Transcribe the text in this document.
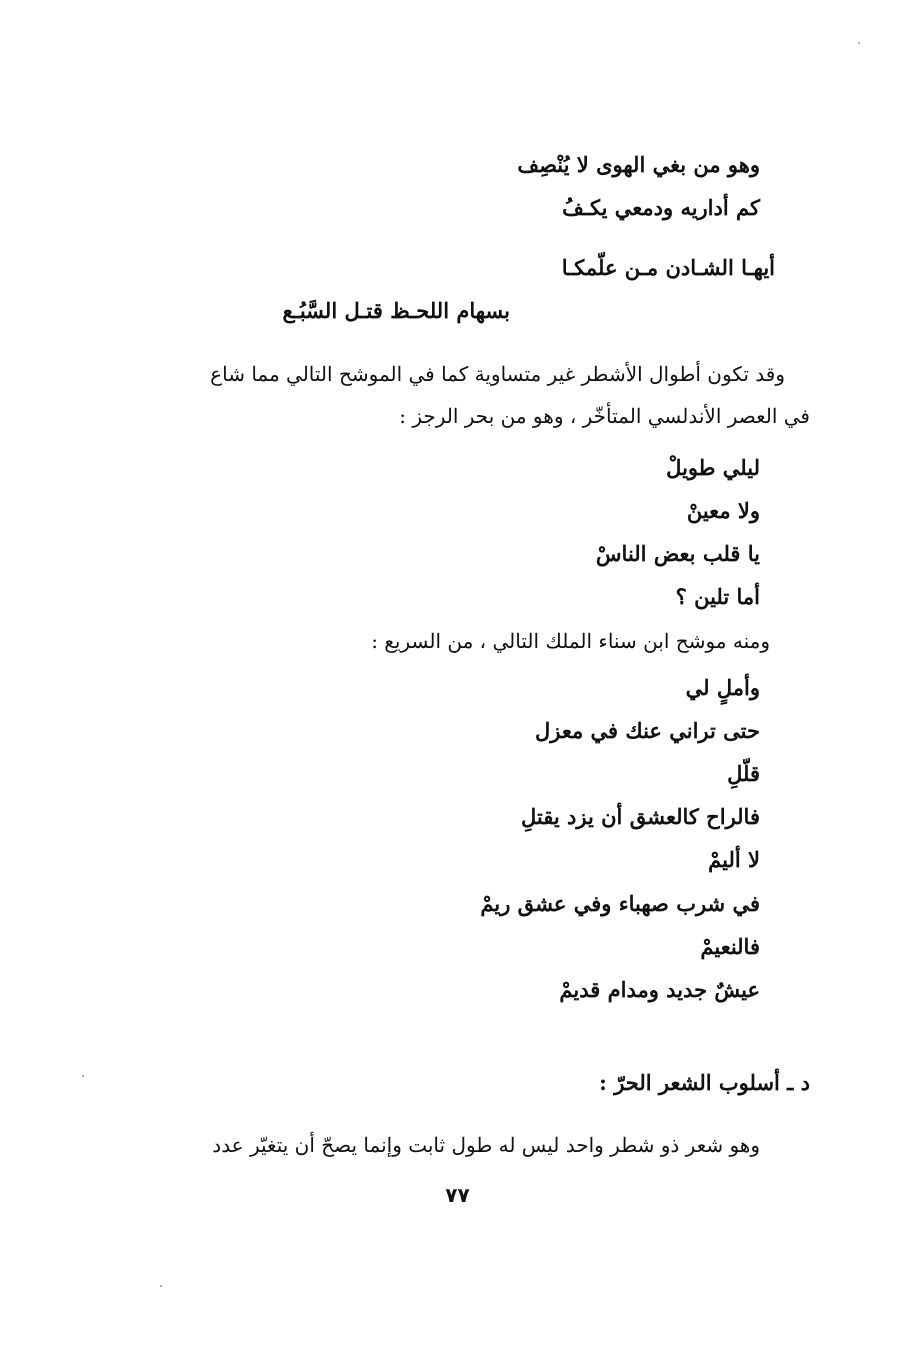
وهو من بغي الهوى لا يُنْصِف
كم أداريه ودمعي يكـفُ
أيهـا الشـادن مـن علّمكـا
بسهام اللحـظ قتـل السَّبُـع
وقد تكون أطوال الأشطر غير متساوية كما في الموشح التالي مما شاع
في العصر الأندلسي المتأخّر ، وهو من بحر الرجز :
ليلي طويلْ
ولا معينْ
يا قلب بعض الناسْ
أما تلين ؟
ومنه موشح ابن سناء الملك التالي ، من السريع :
وأملٍ لي
حتى تراني عنك في معزل
قلّلِ
فالراح كالعشق أن يزد يقتلِ
لا أليمْ
في شرب صهباء وفي عشق ريمْ
فالنعيمْ
عيشٌ جديد ومدام قديمْ
د ـ أسلوب الشعر الحرّ :
وهو شعر ذو شطر واحد ليس له طول ثابت وإنما يصحّ أن يتغيّر عدد
٧٧
